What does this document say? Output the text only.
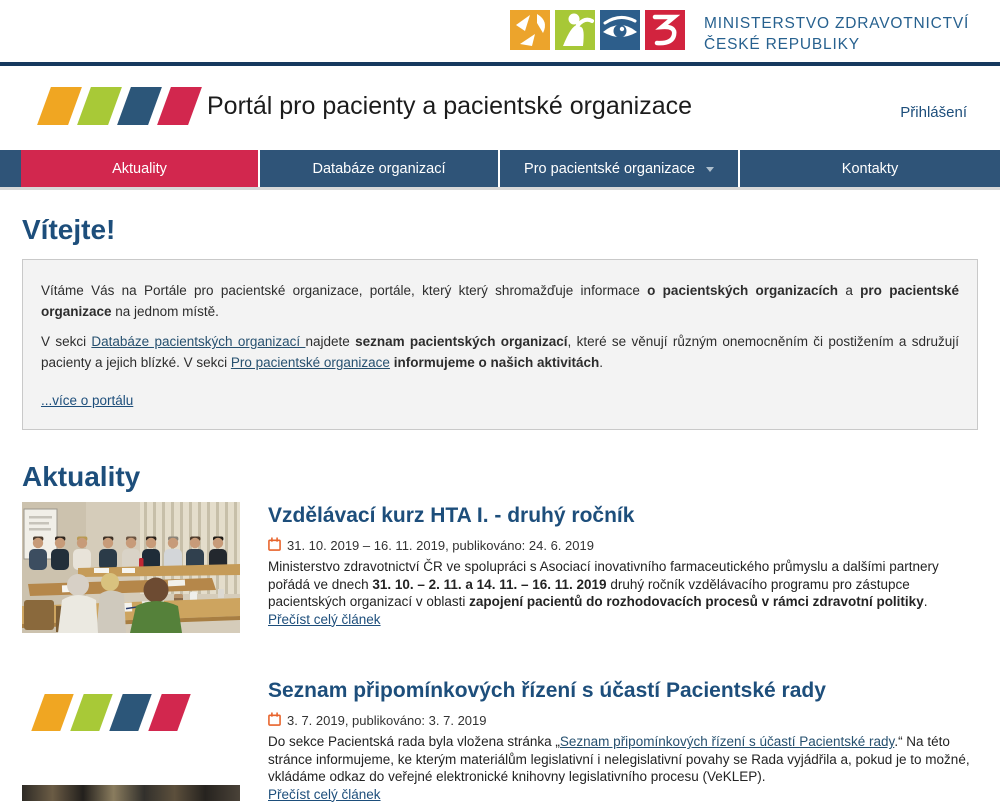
MINISTERSTVO ZDRAVOTNICTVÍ
ČESKÉ REPUBLIKY
Portál pro pacienty a pacientské organizace	Přihlášení
Aktuality	Databáze organizací	Pro pacientské organizace	Kontakty
Vítejte!

Vítáme Vás na Portále pro pacientské organizace, portále, který který shromažďuje informace o pacientských organizacích a pro pacientské organizace na jednom místě.

V sekci Databáze pacientských organizací najdete seznam pacientských organizací, které se věnují různým onemocněním či postižením a sdružují pacienty a jejich blízké. V sekci Pro pacientské organizace informujeme o našich aktivitách.

...více o portálu
Aktuality
Vzdělávací kurz HTA I. - druhý ročník
31. 10. 2019 – 16. 11. 2019, publikováno: 24. 6. 2019
Ministerstvo zdravotnictví ČR ve spolupráci s Asociací inovativního farmaceutického průmyslu a dalšími partnery pořádá ve dnech 31. 10. – 2. 11. a 14. 11. – 16. 11. 2019 druhý ročník vzdělávacího programu pro zástupce pacientských organizací v oblasti zapojení pacientů do rozhodovacích procesů v rámci zdravotní politiky.
Přečíst celý článek
Seznam připomínkových řízení s účastí Pacientské rady
3. 7. 2019, publikováno: 3. 7. 2019
Do sekce Pacientská rada byla vložena stránka „Seznam připomínkových řízení s účastí Pacientské rady.“ Na této stránce informujeme, ke kterým materiálům legislativní i nelegislativní povahy se Rada vyjádřila a, pokud je to možné, vkládáme odkaz do veřejné elektronické knihovny legislativního procesu (VeKLEP).
Přečíst celý článek
